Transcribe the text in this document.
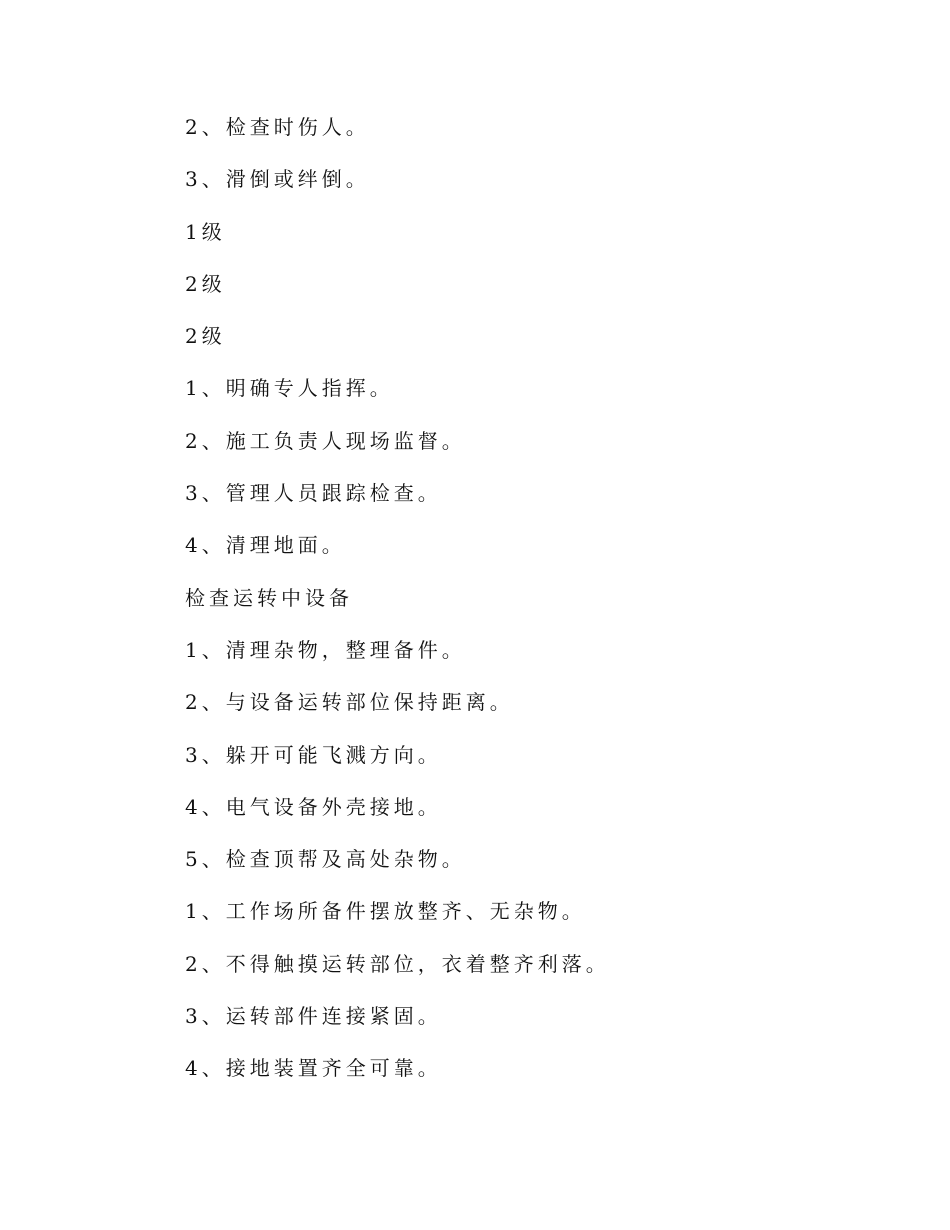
2、检查时伤人。
3、滑倒或绊倒。
1级
2级
2级
1、明确专人指挥。
2、施工负责人现场监督。
3、管理人员跟踪检查。
4、清理地面。
检查运转中设备
1、清理杂物，整理备件。
2、与设备运转部位保持距离。
3、躲开可能飞溅方向。
4、电气设备外壳接地。
5、检查顶帮及高处杂物。
1、工作场所备件摆放整齐、无杂物。
2、不得触摸运转部位，衣着整齐利落。
3、运转部件连接紧固。
4、接地装置齐全可靠。
